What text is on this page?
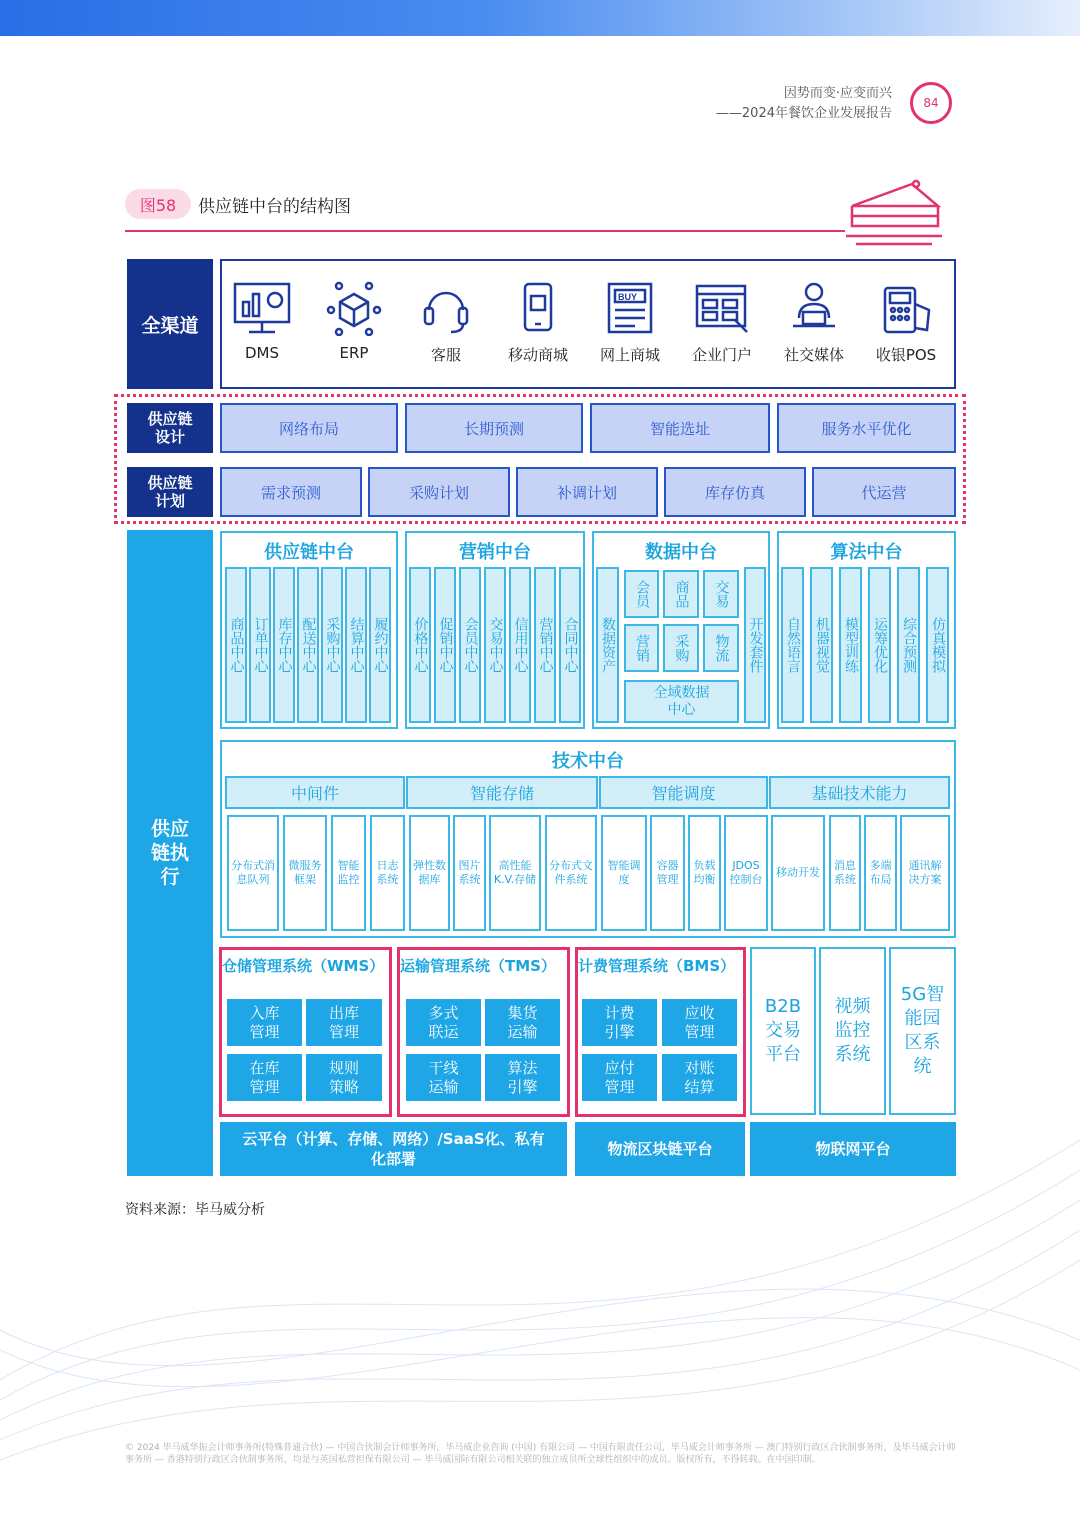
因势而变·应变而兴
——2024年餐饮企业发展报告
84
图58	供应链中台的结构图
全渠道
供应链设计
供应链计划
供应链执行
DMS	ERP	客服	移动商城
BUY
网上商城	企业门户	社交媒体	收银POS
网络布局	长期预测	智能选址	服务水平优化
需求预测	采购计划	补调计划	库存仿真	代运营
供应链中台
商品中心 订单中心 库存中心 配送中心 采购中心 结算中心 履约中心
营销中台
价格中心 促销中心 会员中心 交易中心 信用中心 营销中心 合同中心
数据中台
数据资产	开发套件
会员	商品	交易
营销	采购	物流
全域数据中心
算法中台
自然语言 机器视觉 模型训练 运筹优化 综合预测 仿真模拟
技术中台
中间件	智能存储	智能调度	基础技术能力
分布式消息队列
微服务框架
智能监控
日志系统
弹性数据库
图片系统
高性能K.V.存储
分布式文件系统
智能调度
容器管理
负载均衡
JDOS控制台
移动开发
消息系统
多端布局
通讯解决方案
仓储管理系统（WMS）
入库管理
出库管理
在库管理
规则策略
运输管理系统（TMS）
多式联运
集货运输
干线运输
算法引擎
计费管理系统（BMS）
计费引擎
应收管理
应付管理
对账结算
B2B交易平台
视频监控系统
5G智能园区系统
云平台（计算、存储、网络）/SaaS化、私有化部署
物流区块链平台	物联网平台
资料来源：毕马威分析
© 2024 毕马威华振会计师事务所(特殊普通合伙) — 中国合伙制会计师事务所，毕马威企业咨询 (中国) 有限公司 — 中国有限责任公司，毕马威会计师事务所 — 澳门特别行政区合伙制事务所，及毕马威会计师事务所 — 香港特别行政区合伙制事务所，均是与英国私营担保有限公司 — 毕马威国际有限公司相关联的独立成员所全球性组织中的成员。版权所有，不得转载。在中国印制。
